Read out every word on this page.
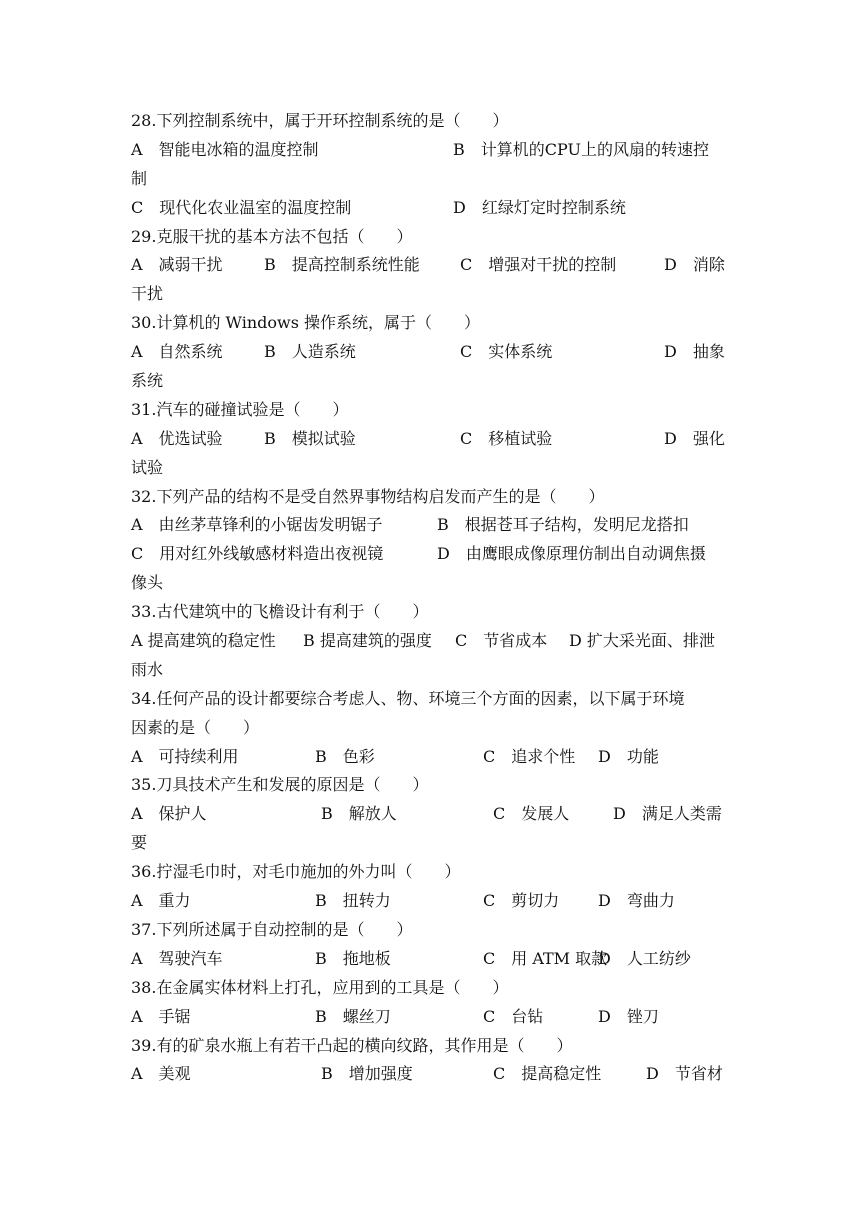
28.下列控制系统中，属于开环控制系统的是（　　）
A　智能电冰箱的温度控制	B　计算机的CPU上的风扇的转速控
制
C　现代化农业温室的温度控制	D　红绿灯定时控制系统
29.克服干扰的基本方法不包括（　　）
A　减弱干扰	B　提高控制系统性能	C　增强对干扰的控制	D　消除
干扰
30.计算机的 Windows 操作系统，属于（　　）
A　自然系统	B　人造系统	C　实体系统	D　抽象
系统
31.汽车的碰撞试验是（　　）
A　优选试验	B　模拟试验	C　移植试验	D　强化
试验
32.下列产品的结构不是受自然界事物结构启发而产生的是（　　）
A　由丝茅草锋利的小锯齿发明锯子	B　根据苍耳子结构，发明尼龙搭扣
C　用对红外线敏感材料造出夜视镜	D　由鹰眼成像原理仿制出自动调焦摄
像头
33.古代建筑中的飞檐设计有利于（　　）
A 提高建筑的稳定性 B 提高建筑的强度 C　节省成本 D 扩大采光面、排泄
雨水
34.任何产品的设计都要综合考虑人、物、环境三个方面的因素，以下属于环境
因素的是（　　）
A　可持续利用	B　色彩	C　追求个性 D　功能
35.刀具技术产生和发展的原因是（　　）
A　保护人	B　解放人	C　发展人	D　满足人类需
要
36.拧湿毛巾时，对毛巾施加的外力叫（　　）
A　重力	B　扭转力	C　剪切力 D　弯曲力
37.下列所述属于自动控制的是（　　）
A　驾驶汽车	B　拖地板	C　用 ATM 取款D　人工纺纱
38.在金属实体材料上打孔，应用到的工具是（　　）
A　手锯	B　螺丝刀	C　台钻	D　锉刀
39.有的矿泉水瓶上有若干凸起的横向纹路，其作用是（　　）
A　美观	B　增加强度	C　提高稳定性	D　节省材
